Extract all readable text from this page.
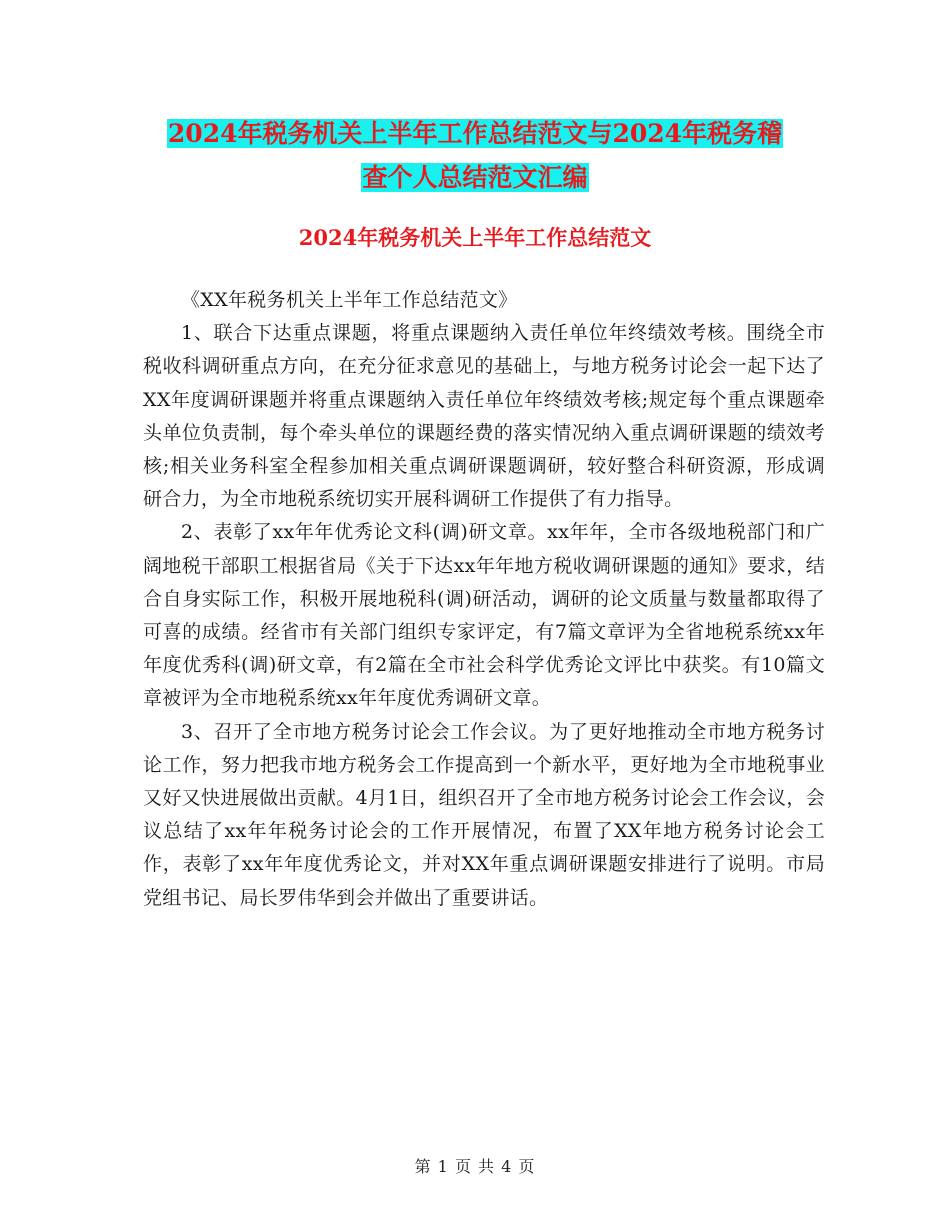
2024年税务机关上半年工作总结范文与2024年税务稽
查个人总结范文汇编
2024年税务机关上半年工作总结范文

《XX年税务机关上半年工作总结范文》

1、联合下达重点课题，将重点课题纳入责任单位年终绩效考核。围绕全市税收科调研重点方向，在充分征求意见的基础上，与地方税务讨论会一起下达了XX年度调研课题并将重点课题纳入责任单位年终绩效考核;规定每个重点课题牵头单位负责制，每个牵头单位的课题经费的落实情况纳入重点调研课题的绩效考核;相关业务科室全程参加相关重点调研课题调研，较好整合科研资源，形成调研合力，为全市地税系统切实开展科调研工作提供了有力指导。

2、表彰了xx年年优秀论文科(调)研文章。xx年年，全市各级地税部门和广阔地税干部职工根据省局《关于下达xx年年地方税收调研课题的通知》要求，结合自身实际工作，积极开展地税科(调)研活动，调研的论文质量与数量都取得了可喜的成绩。经省市有关部门组织专家评定，有7篇文章评为全省地税系统xx年年度优秀科(调)研文章，有2篇在全市社会科学优秀论文评比中获奖。有10篇文章被评为全市地税系统xx年年度优秀调研文章。

3、召开了全市地方税务讨论会工作会议。为了更好地推动全市地方税务讨论工作，努力把我市地方税务会工作提高到一个新水平，更好地为全市地税事业又好又快进展做出贡献。4月1日，组织召开了全市地方税务讨论会工作会议，会议总结了xx年年税务讨论会的工作开展情况，布置了XX年地方税务讨论会工作，表彰了xx年年度优秀论文，并对XX年重点调研课题安排进行了说明。市局党组书记、局长罗伟华到会并做出了重要讲话。

第 1 页 共 4 页
